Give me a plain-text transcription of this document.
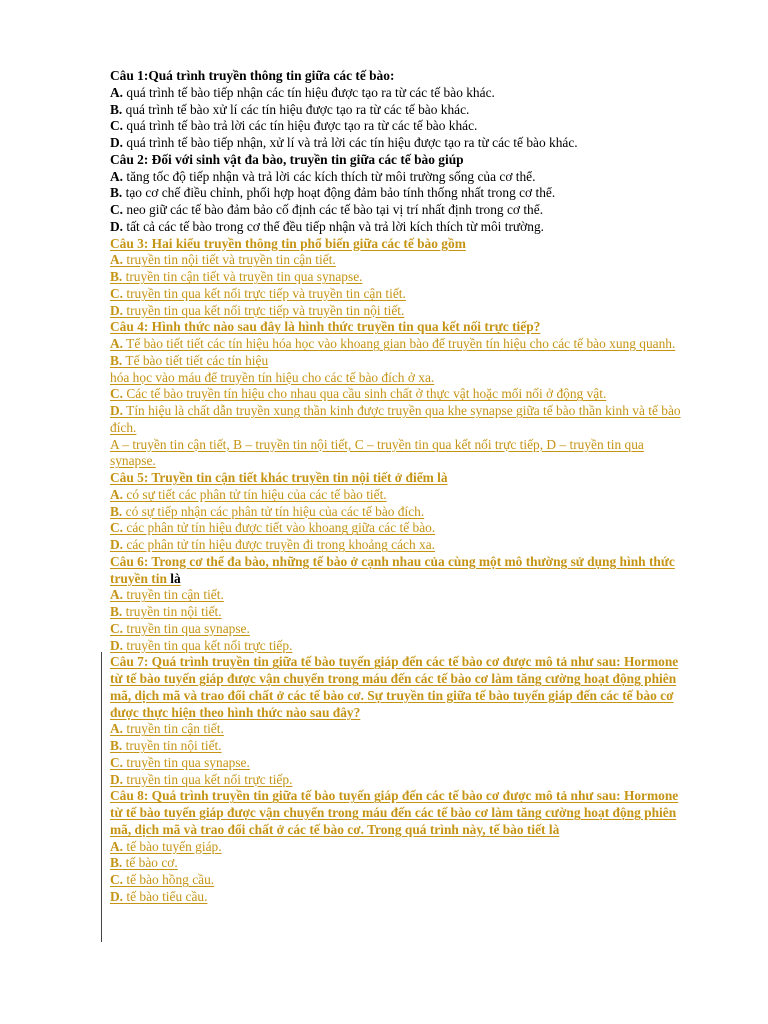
Câu 1:Quá trình truyền thông tin giữa các tế bào:
A. quá trình tế bào tiếp nhận các tín hiệu được tạo ra từ các tế bào khác.
B. quá trình tế bào xử lí các tín hiệu được tạo ra từ các tế bào khác.
C. quá trình tế bào trả lời các tín hiệu được tạo ra từ các tế bào khác.
D. quá trình tế bào tiếp nhận, xử lí và trả lời các tín hiệu được tạo ra từ các tế bào khác.
Câu 2: Đối với sinh vật đa bào, truyền tin giữa các tế bào giúp
A. tăng tốc độ tiếp nhận và trả lời các kích thích từ môi trường sống của cơ thể.
B. tạo cơ chế điều chỉnh, phối hợp hoạt động đảm bảo tính thống nhất trong cơ thể.
C. neo giữ các tế bào đảm bảo cố định các tế bào tại vị trí nhất định trong cơ thể.
D. tất cả các tế bào trong cơ thể đều tiếp nhận và trả lời kích thích từ môi trường.
Câu 3: Hai kiểu truyền thông tin phổ biến giữa các tế bào gồm
A. truyền tin nội tiết và truyền tin cận tiết.
B. truyền tin cận tiết và truyền tin qua synapse.
C. truyền tin qua kết nối trực tiếp và truyền tin cận tiết.
D. truyền tin qua kết nối trực tiếp và truyền tin nội tiết.
Câu 4: Hình thức nào sau đây là hình thức truyền tin qua kết nối trực tiếp?
A. Tế bào tiết tiết các tín hiệu hóa học vào khoang gian bào để truyền tín hiệu cho các tế bào xung quanh.
B. Tế bào tiết tiết các tín hiệu
hóa học vào máu để truyền tín hiệu cho các tế bào đích ở xa.
C. Các tế bào truyền tín hiệu cho nhau qua cầu sinh chất ở thực vật hoặc mối nối ở động vật.
D. Tín hiệu là chất dẫn truyền xung thần kinh được truyền qua khe synapse giữa tế bào thần kinh và tế bào đích.
A – truyền tin cận tiết, B – truyền tin nội tiết, C – truyền tin qua kết nối trực tiếp, D – truyền tin qua synapse.
Câu 5: Truyền tin cận tiết khác truyền tin nội tiết ở điểm là
A. có sự tiết các phân tử tín hiệu của các tế bào tiết.
B. có sự tiếp nhận các phân tử tín hiệu của các tế bào đích.
C. các phân tử tín hiệu được tiết vào khoang giữa các tế bào.
D. các phân tử tín hiệu được truyền đi trong khoảng cách xa.
Câu 6: Trong cơ thể đa bào, những tế bào ở cạnh nhau của cùng một mô thường sử dụng hình thức truyền tin là
A. truyền tin cận tiết.
B. truyền tin nội tiết.
C. truyền tin qua synapse.
D. truyền tin qua kết nối trực tiếp.
Câu 7: Quá trình truyền tin giữa tế bào tuyến giáp đến các tế bào cơ được mô tả như sau: Hormone từ tế bào tuyến giáp được vận chuyển trong máu đến các tế bào cơ làm tăng cường hoạt động phiên mã, dịch mã và trao đổi chất ở các tế bào cơ. Sự truyền tin giữa tế bào tuyến giáp đến các tế bào cơ được thực hiện theo hình thức nào sau đây?
A. truyền tin cận tiết.
B. truyền tin nội tiết.
C. truyền tin qua synapse.
D. truyền tin qua kết nối trực tiếp.
Câu 8: Quá trình truyền tin giữa tế bào tuyến giáp đến các tế bào cơ được mô tả như sau: Hormone từ tế bào tuyến giáp được vận chuyển trong máu đến các tế bào cơ làm tăng cường hoạt động phiên mã, dịch mã và trao đổi chất ở các tế bào cơ. Trong quá trình này, tế bào tiết là
A. tế bào tuyến giáp.
B. tế bào cơ.
C. tế bào hồng cầu.
D. tế bào tiểu cầu.
